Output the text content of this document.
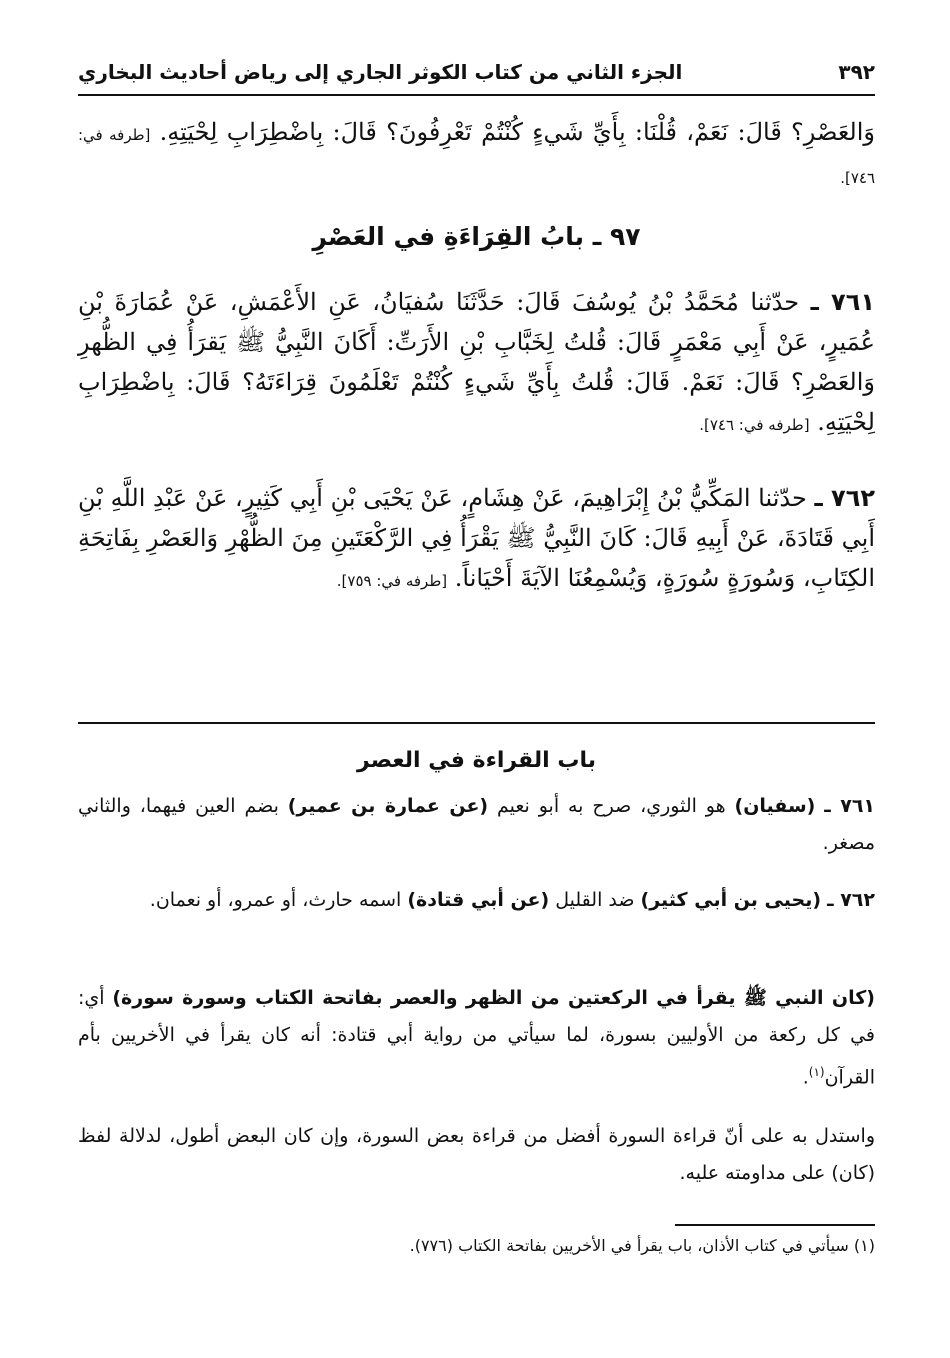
٣٩٢
الجزء الثاني من كتاب الكوثر الجاري إلى رياض أحاديث البخاري
وَالعَصْرِ؟ قَالَ: نَعَمْ، قُلْنَا: بِأَيِّ شَيءٍ كُنْتُمْ تَعْرِفُونَ؟ قَالَ: بِاضْطِرَابِ لِحْيَتِهِ. [طرفه في: ٧٤٦].
٩٧ ـ بابُ القِرَاءَةِ في العَصْرِ
٧٦١ ـ حدّثنا مُحَمَّدُ بْنُ يُوسُفَ قَالَ: حَدَّثَنَا سُفيَانُ، عَنِ الأَعْمَشِ، عَنْ عُمَارَةَ بْنِ عُمَيرٍ، عَنْ أَبِي مَعْمَرٍ قَالَ: قُلتُ لِخَبَّابِ بْنِ الأَرَتِّ: أَكَانَ النَّبِيُّ ﷺ يَقرَأُ فِي الظُّهرِ وَالعَصْرِ؟ قَالَ: نَعَمْ. قَالَ: قُلتُ بِأَيِّ شَيءٍ كُنْتُمْ تَعْلَمُونَ قِرَاءَتَهُ؟ قَالَ: بِاضْطِرَابِ لِحْيَتِهِ. [طرفه في: ٧٤٦].
٧٦٢ ـ حدّثنا المَكِّيُّ بْنُ إِبْرَاهِيمَ، عَنْ هِشَامٍ، عَنْ يَحْيَى بْنِ أَبِي كَثِيرٍ، عَنْ عَبْدِ اللَّهِ بْنِ أَبِي قَتَادَةَ، عَنْ أَبِيهِ قَالَ: كَانَ النَّبِيُّ ﷺ يَقْرَأُ فِي الرَّكْعَتَينِ مِنَ الظُّهْرِ وَالعَصْرِ بِفَاتِحَةِ الكِتَابِ، وَسُورَةٍ سُورَةٍ، وَيُسْمِعُنَا الآيَةَ أَحْيَاناً. [طرفه في: ٧٥٩].
باب القراءة في العصر
٧٦١ ـ (سفيان) هو الثوري، صرح به أبو نعيم (عن عمارة بن عمير) بضم العين فيهما، والثاني مصغر.
٧٦٢ ـ (يحيى بن أبي كثير) ضد القليل (عن أبي قتادة) اسمه حارث، أو عمرو، أو نعمان.
(كان النبي ﷺ يقرأ في الركعتين من الظهر والعصر بفاتحة الكتاب وسورة سورة) أي: في كل ركعة من الأوليين بسورة، لما سيأتي من رواية أبي قتادة: أنه كان يقرأ في الأخريين بأم القرآن$^{(١)}$.
واستدل به على أنّ قراءة السورة أفضل من قراءة بعض السورة، وإن كان البعض أطول، لدلالة لفظ (كان) على مداومته عليه.
(١) سيأتي في كتاب الأذان، باب يقرأ في الأخريين بفاتحة الكتاب (٧٧٦).
